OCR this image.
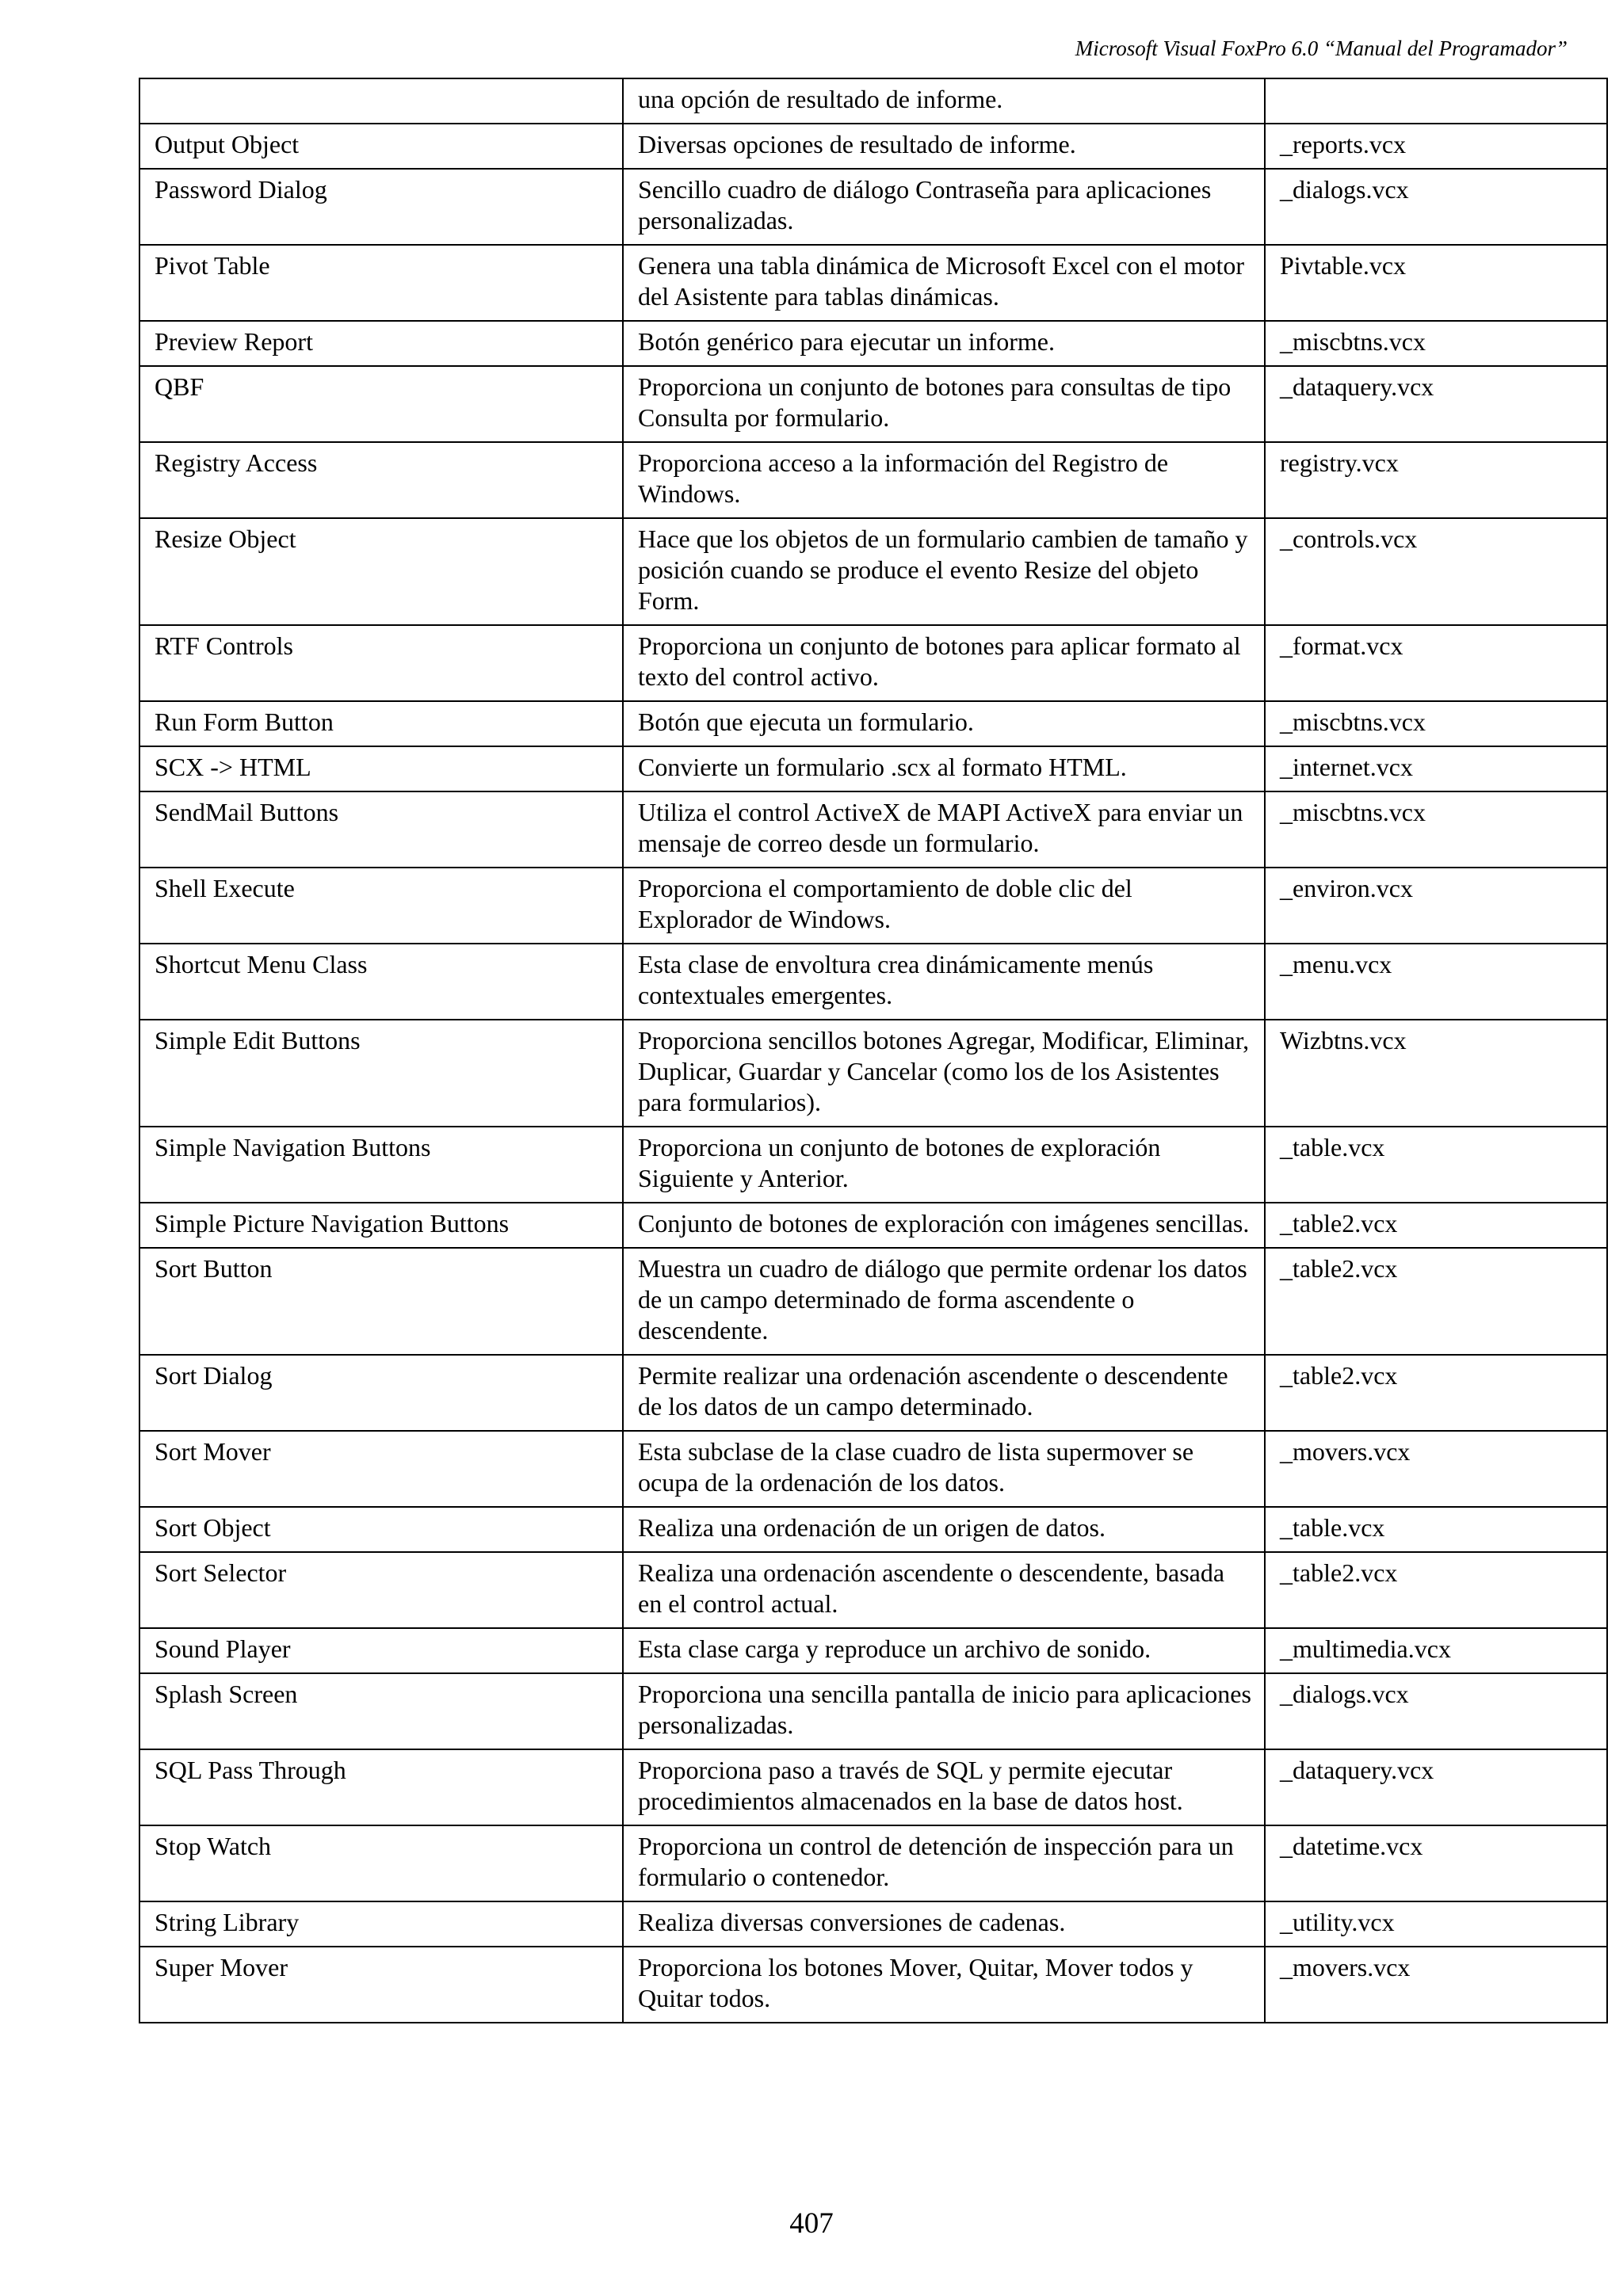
Microsoft Visual FoxPro 6.0 “Manual del Programador”
	una opción de resultado de informe.	
Output Object	Diversas opciones de resultado de informe.	_reports.vcx
Password Dialog	Sencillo cuadro de diálogo Contraseña para aplicaciones personalizadas.	_dialogs.vcx
Pivot Table	Genera una tabla dinámica de Microsoft Excel con el motor del Asistente para tablas dinámicas.	Pivtable.vcx
Preview Report	Botón genérico para ejecutar un informe.	_miscbtns.vcx
QBF	Proporciona un conjunto de botones para consultas de tipo Consulta por formulario.	_dataquery.vcx
Registry Access	Proporciona acceso a la información del Registro de Windows.	registry.vcx
Resize Object	Hace que los objetos de un formulario cambien de tamaño y posición cuando se produce el evento Resize del objeto Form.	_controls.vcx
RTF Controls	Proporciona un conjunto de botones para aplicar formato al texto del control activo.	_format.vcx
Run Form Button	Botón que ejecuta un formulario.	_miscbtns.vcx
SCX -> HTML	Convierte un formulario .scx al formato HTML.	_internet.vcx
SendMail Buttons	Utiliza el control ActiveX de MAPI ActiveX para enviar un mensaje de correo desde un formulario.	_miscbtns.vcx
Shell Execute	Proporciona el comportamiento de doble clic del Explorador de Windows.	_environ.vcx
Shortcut Menu Class	Esta clase de envoltura crea dinámicamente menús contextuales emergentes.	_menu.vcx
Simple Edit Buttons	Proporciona sencillos botones Agregar, Modificar, Eliminar, Duplicar, Guardar y Cancelar (como los de los Asistentes para formularios).	Wizbtns.vcx
Simple Navigation Buttons	Proporciona un conjunto de botones de exploración Siguiente y Anterior.	_table.vcx
Simple Picture Navigation Buttons	Conjunto de botones de exploración con imágenes sencillas.	_table2.vcx
Sort Button	Muestra un cuadro de diálogo que permite ordenar los datos de un campo determinado de forma ascendente o descendente.	_table2.vcx
Sort Dialog	Permite realizar una ordenación ascendente o descendente de los datos de un campo determinado.	_table2.vcx
Sort Mover	Esta subclase de la clase cuadro de lista supermover se ocupa de la ordenación de los datos.	_movers.vcx
Sort Object	Realiza una ordenación de un origen de datos.	_table.vcx
Sort Selector	Realiza una ordenación ascendente o descendente, basada en el control actual.	_table2.vcx
Sound Player	Esta clase carga y reproduce un archivo de sonido.	_multimedia.vcx
Splash Screen	Proporciona una sencilla pantalla de inicio para aplicaciones personalizadas.	_dialogs.vcx
SQL Pass Through	Proporciona paso a través de SQL y permite ejecutar procedimientos almacenados en la base de datos host.	_dataquery.vcx
Stop Watch	Proporciona un control de detención de inspección para un formulario o contenedor.	_datetime.vcx
String Library	Realiza diversas conversiones de cadenas.	_utility.vcx
Super Mover	Proporciona los botones Mover, Quitar, Mover todos y Quitar todos.	_movers.vcx
407
